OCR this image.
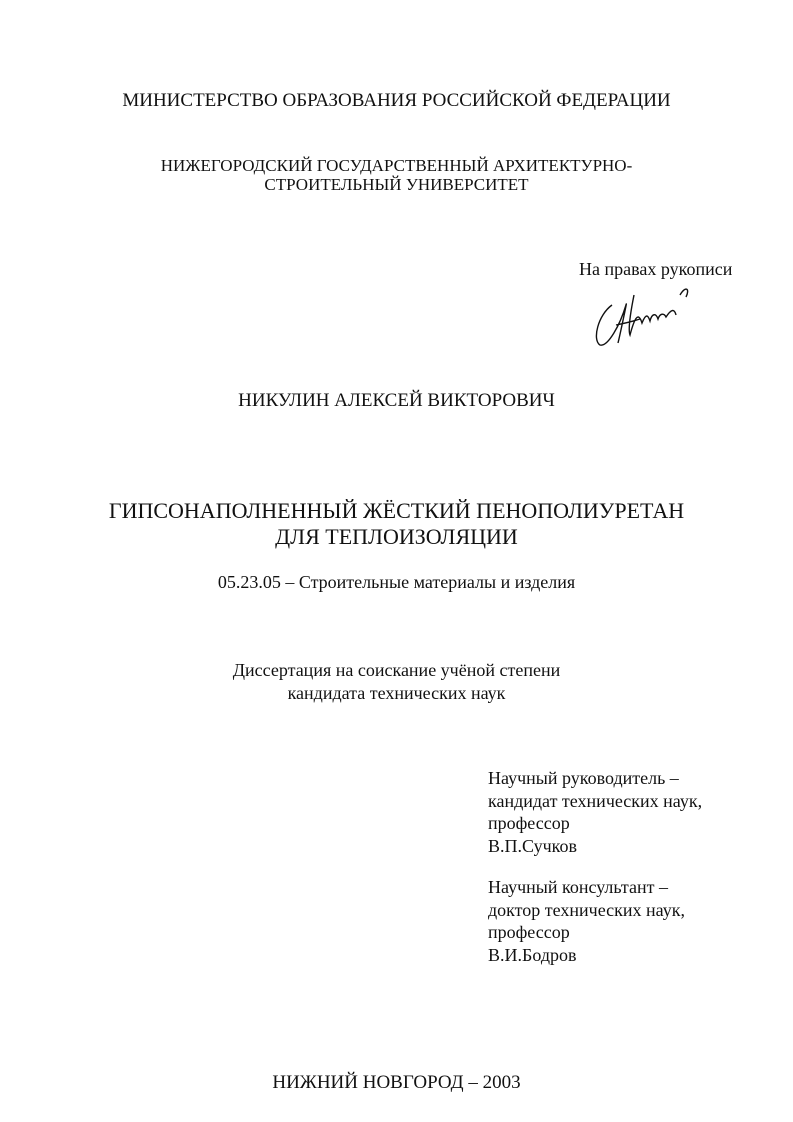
МИНИСТЕРСТВО ОБРАЗОВАНИЯ РОССИЙСКОЙ ФЕДЕРАЦИИ
НИЖЕГОРОДСКИЙ ГОСУДАРСТВЕННЫЙ АРХИТЕКТУРНО-
СТРОИТЕЛЬНЫЙ УНИВЕРСИТЕТ
На правах рукописи
НИКУЛИН АЛЕКСЕЙ ВИКТОРОВИЧ
ГИПСОНАПОЛНЕННЫЙ ЖЁСТКИЙ ПЕНОПОЛИУРЕТАН
ДЛЯ ТЕПЛОИЗОЛЯЦИИ
05.23.05 – Строительные материалы и изделия
Диссертация на соискание учёной степени
кандидата технических наук
Научный руководитель –
кандидат технических наук,
профессор
В.П.Сучков
Научный консультант –
доктор технических наук,
профессор
В.И.Бодров
НИЖНИЙ НОВГОРОД – 2003
